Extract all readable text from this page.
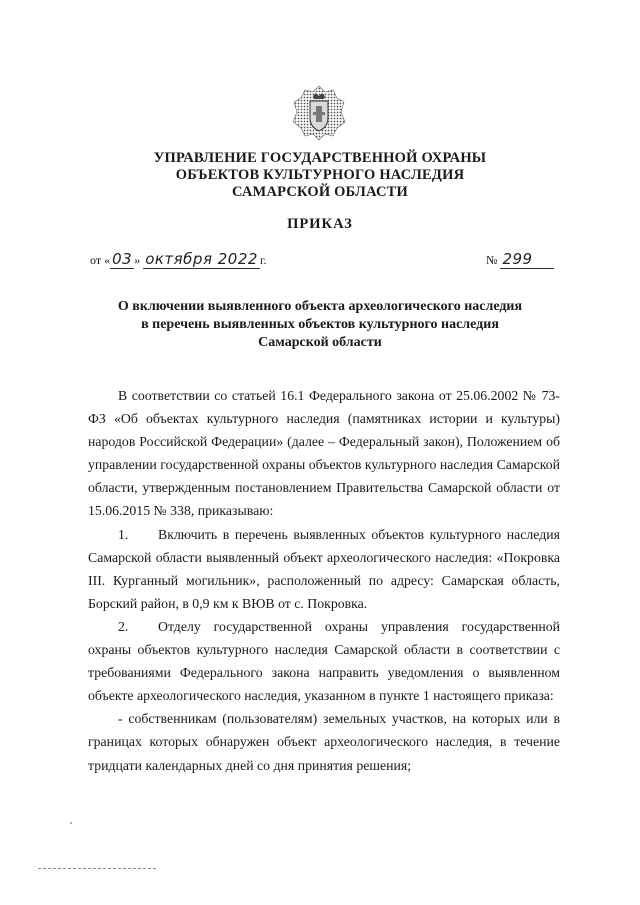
УПРАВЛЕНИЕ ГОСУДАРСТВЕННОЙ ОХРАНЫ
ОБЪЕКТОВ КУЛЬТУРНОГО НАСЛЕДИЯ
САМАРСКОЙ ОБЛАСТИ
ПРИКАЗ
от « 03 » октября 2022 г.	№ 299
О включении выявленного объекта археологического наследия
в перечень выявленных объектов культурного наследия
Самарской области

В соответствии со статьей 16.1 Федерального закона от 25.06.2002 № 73-ФЗ «Об объектах культурного наследия (памятниках истории и культуры) народов Российской Федерации» (далее – Федеральный закон), Положением об управлении государственной охраны объектов культурного наследия Самарской области, утвержденным постановлением Правительства Самарской области от 15.06.2015 № 338, приказываю:

1. Включить в перечень выявленных объектов культурного наследия Самарской области выявленный объект археологического наследия: «Покровка III. Курганный могильник», расположенный по адресу: Самарская область, Борский район, в 0,9 км к ВЮВ от с. Покровка.

2. Отделу государственной охраны управления государственной охраны объектов культурного наследия Самарской области в соответствии с требованиями Федерального закона направить уведомления о выявленном объекте археологического наследия, указанном в пункте 1 настоящего приказа:

- собственникам (пользователям) земельных участков, на которых или в границах которых обнаружен объект археологического наследия, в течение тридцати календарных дней со дня принятия решения;
